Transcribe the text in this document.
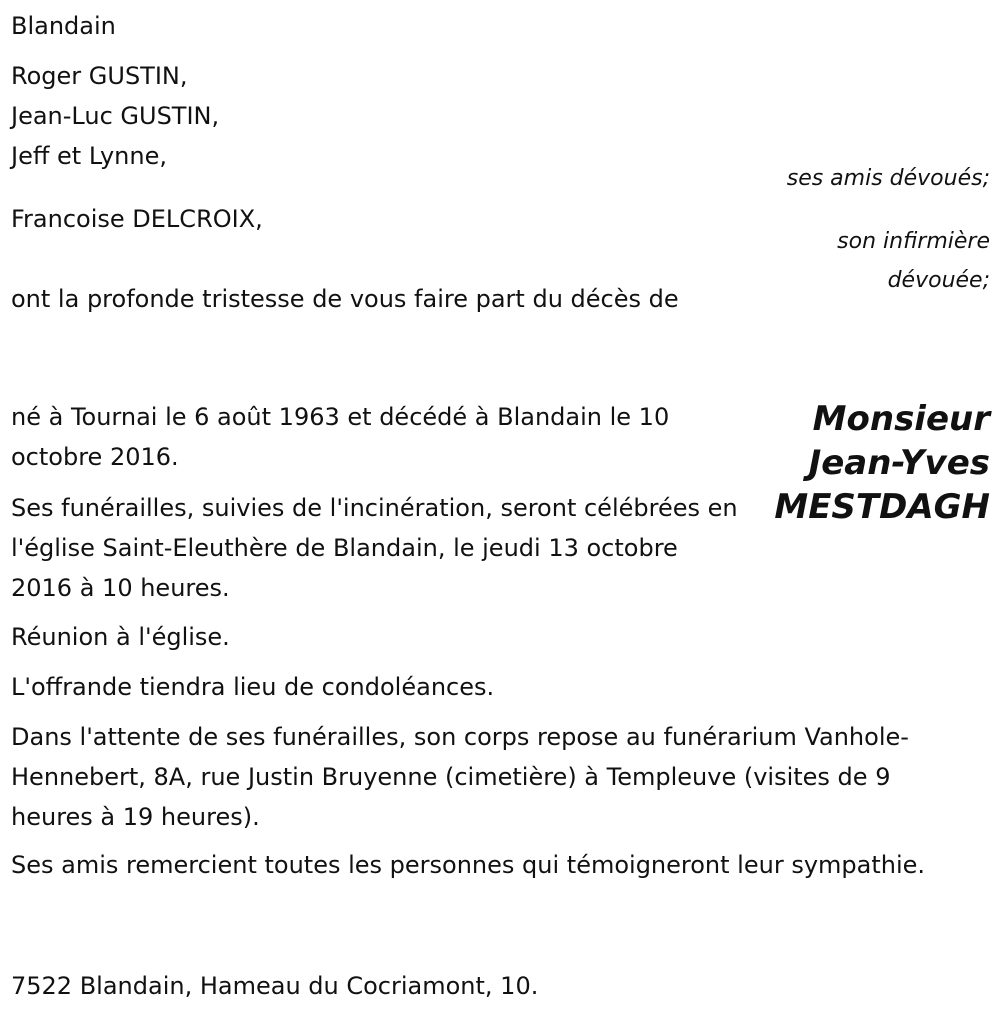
Blandain
Roger GUSTIN,
Jean-Luc GUSTIN,
Jeff et Lynne,
ses amis dévoués;
Francoise DELCROIX,
son infirmière
dévouée;
ont la profonde tristesse de vous faire part du décès de
Monsieur
Jean-Yves
MESTDAGH
né à Tournai le 6 août 1963 et décédé à Blandain le 10 octobre 2016.
Ses funérailles, suivies de l'incinération, seront célébrées en l'église Saint-Eleuthère de Blandain, le jeudi 13 octobre 2016 à 10 heures.
Réunion à l'église.
L'offrande tiendra lieu de condoléances.
Dans l'attente de ses funérailles, son corps repose au funérarium Vanhole-Hennebert, 8A, rue Justin Bruyenne (cimetière) à Templeuve (visites de 9 heures à 19 heures).
Ses amis remercient toutes les personnes qui témoigneront leur sympathie.
7522 Blandain, Hameau du Cocriamont, 10.
